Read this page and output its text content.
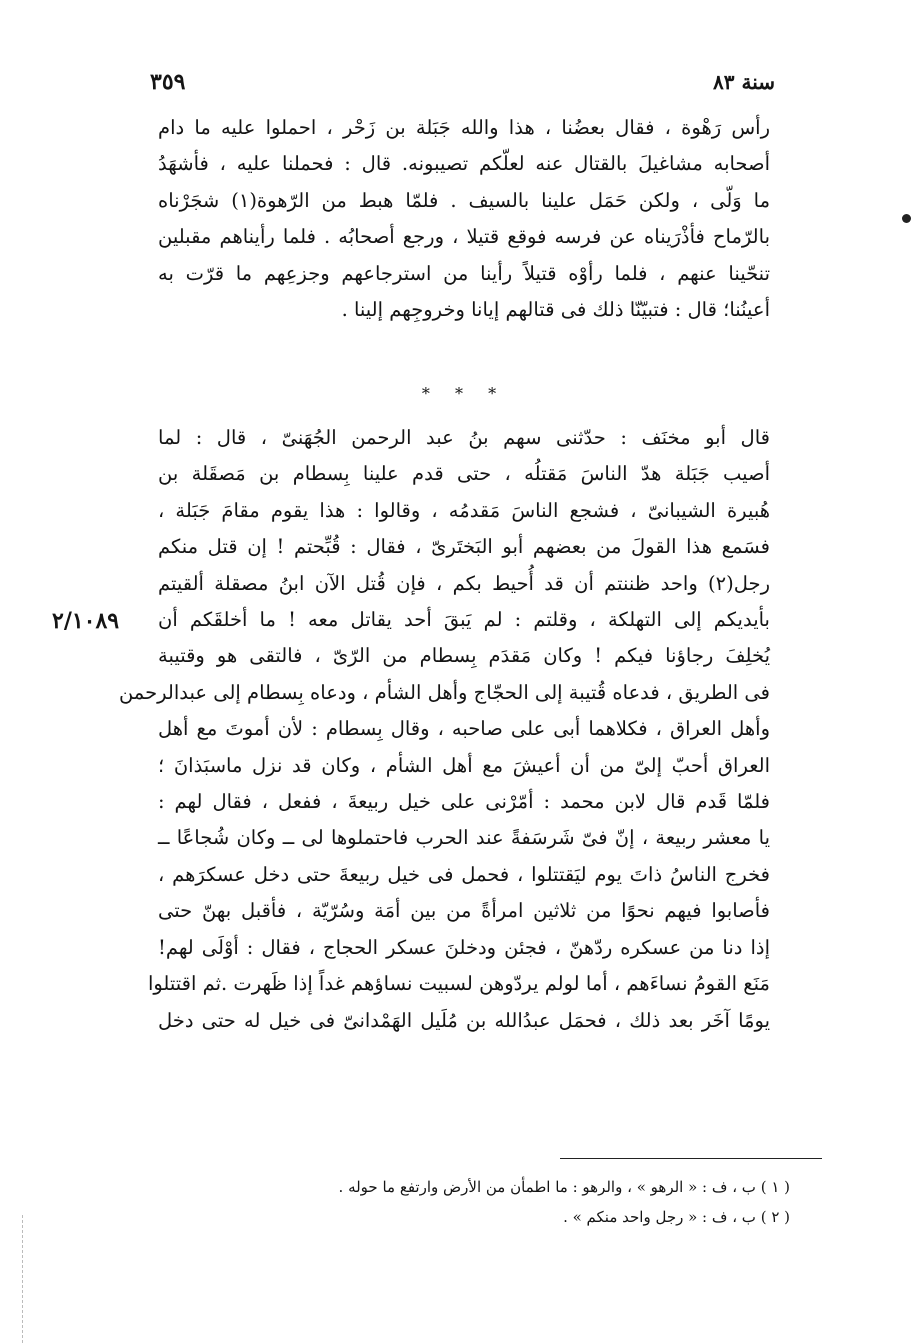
سنة ٨٣
٣٥٩
رأس رَهْوة ، فقال بعضُنا ، هذا والله جَبَلة بن زَحْر ، احملوا عليه ما دام
أصحابه مشاغيلَ بالقتال عنه لعلّكم تصيبونه. قال : فحملنا عليه ، فأشهَدُ
ما وَلّى ، ولكن حَمَل علينا بالسيف . فلمّا هبط من الرّهوة(١) شجَرْناه
بالرّماح فأذْرَيناه عن فرسه فوقع قتيلا ، ورجع أصحابُه . فلما رأيناهم مقبلين
تنحّينا عنهم ، فلما رأوْه قتيلاً رأينا من استرجاعهم وجزعِهم ما قرّت به
أعينُنا؛ قال : فتبيّنّا ذلك فى قتالهم إيانا وخروجِهم إلينا .
* * *
قال أبو مخنَف : حدّثنى سهم بنُ عبد الرحمن الجُهَنىّ ، قال : لما
أصيب جَبَلة هدّ الناسَ مَقتلُه ، حتى قدم علينا بِسطام بن مَصقَلة بن
هُبيرة الشيبانىّ ، فشجع الناسَ مَقدمُه ، وقالوا : هذا يقوم مقامَ جَبَلة ،
فسَمع هذا القولَ من بعضهم أبو البَختَرىّ ، فقال : قُبِّحتم ! إن قتل منكم
رجل(٢) واحد ظننتم أن قد أُحيط بكم ، فإن قُتل الآن ابنُ مصقلة ألقيتم
بأيديكم إلى التهلكة ، وقلتم : لم يَبقَ أحد يقاتل معه ! ما أخلقَكم أن
يُخلِفَ رجاؤنا فيكم ! وكان مَقدَم بِسطام من الرّىّ ، فالتقى هو وقتيبة
فى الطريق ، فدعاه قُتيبة إلى الحجّاج وأهل الشأم ، ودعاه بِسطام إلى عبدالرحمن
وأهل العراق ، فكلاهما أبى على صاحبه ، وقال بِسطام : لأن أموتَ مع أهل
العراق أحبّ إلىّ من أن أعيشَ مع أهل الشأم ، وكان قد نزل ماسبَذانَ ؛
فلمّا قَدم قال لابن محمد : أمّرْنى على خيل ربيعةَ ، ففعل ، فقال لهم :
يا معشر ربيعة ، إنّ فىّ شَرسَفةً عند الحرب فاحتملوها لى ــ وكان شُجاعًا ــ
فخرج الناسُ ذاتَ يوم ليَقتتلوا ، فحمل فى خيل ربيعةَ حتى دخل عسكرَهم ،
فأصابوا فيهم نحوًا من ثلاثين امرأةً من بين أمَة وسُرّيّة ، فأقبل بهنّ حتى
إذا دنا من عسكره ردّهنّ ، فجئن ودخلنَ عسكر الحجاج ، فقال : أوْلَى لهم!
مَنَع القومُ نساءَهم ، أما لولم يردّوهن لسبيت نساؤهم غداً إذا ظَهرت .ثم اقتتلوا
يومًا آخَر بعد ذلك ، فحمَل عبدُالله بن مُلَيل الهَمْدانىّ فى خيل له حتى دخل
٢/١٠٨٩
( ١ ) ب ، ف : « الرهو » ، والرهو : ما اطمأن من الأرض وارتفع ما حوله .
( ٢ ) ب ، ف : « رجل واحد منكم » .
